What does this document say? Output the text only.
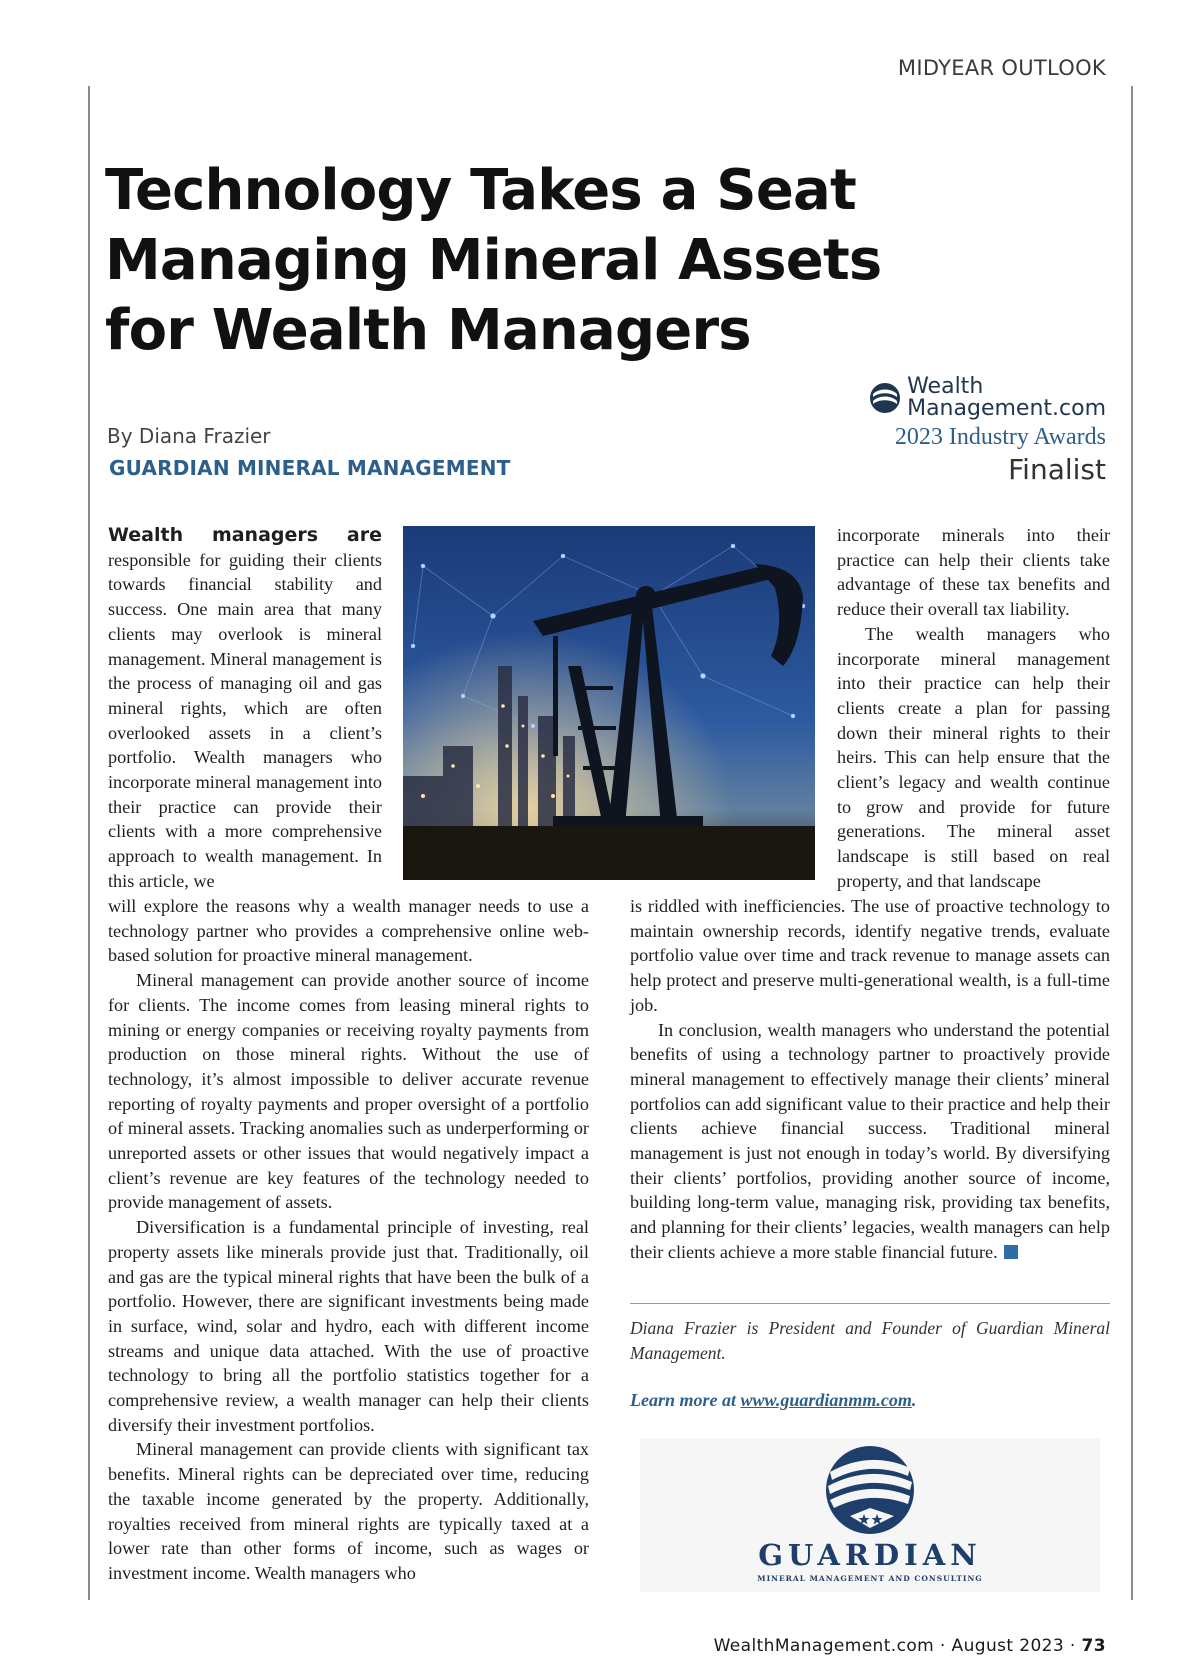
MIDYEAR OUTLOOK
Technology Takes a Seat Managing Mineral Assets for Wealth Managers
By Diana Frazier
GUARDIAN MINERAL MANAGEMENT
Wealth
Management.com
2023 Industry Awards
Finalist

Wealth managers are responsible for guiding their clients towards financial stability and success. One main area that many clients may overlook is mineral management. Mineral management is the process of managing oil and gas mineral rights, which are often overlooked assets in a client’s portfolio. Wealth managers who incorporate mineral management into their practice can provide their clients with a more comprehensive approach to wealth management. In this article, we

will explore the reasons why a wealth manager needs to use a technology partner who provides a comprehensive online web-based solution for proactive mineral management.

Mineral management can provide another source of income for clients. The income comes from leasing mineral rights to mining or energy companies or receiving royalty payments from production on those mineral rights. Without the use of technology, it’s almost impossible to deliver accurate revenue reporting of royalty payments and proper oversight of a portfolio of mineral assets. Tracking anomalies such as underperforming or unreported assets or other issues that would negatively impact a client’s revenue are key features of the technology needed to provide management of assets.

Diversification is a fundamental principle of investing, real property assets like minerals provide just that. Traditionally, oil and gas are the typical mineral rights that have been the bulk of a portfolio. However, there are significant investments being made in surface, wind, solar and hydro, each with different income streams and unique data attached. With the use of proactive technology to bring all the portfolio statistics together for a comprehensive review, a wealth manager can help their clients diversify their investment portfolios.

Mineral management can provide clients with significant tax benefits. Mineral rights can be depreciated over time, reducing the taxable income generated by the property. Additionally, royalties received from mineral rights are typically taxed at a lower rate than other forms of income, such as wages or investment income. Wealth managers who

incorporate minerals into their practice can help their clients take advantage of these tax benefits and reduce their overall tax liability.

The wealth managers who incorporate mineral management into their practice can help their clients create a plan for passing down their mineral rights to their heirs. This can help ensure that the client’s legacy and wealth continue to grow and provide for future generations. The mineral asset landscape is still based on real property, and that landscape

is riddled with inefficiencies. The use of proactive technology to maintain ownership records, identify negative trends, evaluate portfolio value over time and track revenue to manage assets can help protect and preserve multi-generational wealth, is a full-time job.

In conclusion, wealth managers who understand the potential benefits of using a technology partner to proactively provide mineral management to effectively manage their clients’ mineral portfolios can add significant value to their practice and help their clients achieve financial success. Traditional mineral management is just not enough in today’s world. By diversifying their clients’ portfolios, providing another source of income, building long-term value, managing risk, providing tax benefits, and planning for their clients’ legacies, wealth managers can help their clients achieve a more stable financial future.

Diana Frazier is President and Founder of Guardian Mineral Management.
Learn more at www.guardianmm.com.
GUARDIAN
MINERAL MANAGEMENT AND CONSULTING
WealthManagement.com · August 2023 · 73
